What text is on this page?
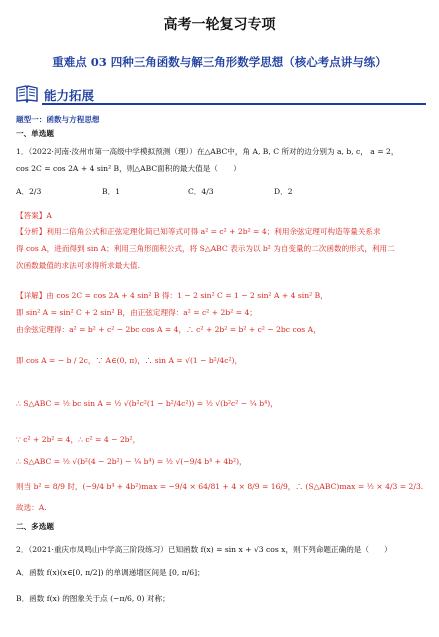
高考一轮复习专项
重难点 03 四种三角函数与解三角形数学思想（核心考点讲与练）
能力拓展
题型一：函数与方程思想
一、单选题
1．（2022·河南·汝州市第一高级中学模拟预测（理））在△ABC中，角 A, B, C 所对的边分别为 a, b, c， a = 2，
cos 2C = cos 2A + 4 sin² B，则△ABC面积的最大值是（　　）
A．2/3	B．1	C．4/3	D．2
【答案】A
【分析】利用二倍角公式和正弦定理化简已知等式可得 a² = c² + 2b² = 4；利用余弦定理可构造等量关系求
得 cos A，进而得到 sin A；利用三角形面积公式，将 S△ABC 表示为以 b² 为自变量的二次函数的形式，利用二
次函数最值的求法可求得所求最大值.
【详解】由 cos 2C = cos 2A + 4 sin² B 得：1 − 2 sin² C = 1 − 2 sin² A + 4 sin² B，
即 sin² A = sin² C + 2 sin² B，由正弦定理得：a² = c² + 2b² = 4；
由余弦定理得：a² = b² + c² − 2bc cos A = 4，∴ c² + 2b² = b² + c² − 2bc cos A，
即 cos A = − b / 2c，∵ A∈(0, π)，∴ sin A = √(1 − b²/4c²)，
∴ S△ABC = ½ bc sin A = ½ √(b²c²(1 − b²/4c²)) = ½ √(b²c² − ¼ b⁴)，
∵ c² + 2b² = 4，∴ c² = 4 − 2b²，
∴ S△ABC = ½ √(b²(4 − 2b²) − ¼ b⁴) = ½ √(−9/4 b⁴ + 4b²)，
则当 b² = 8/9 时，(−9/4 b⁴ + 4b²)max = −9/4 × 64/81 + 4 × 8/9 = 16/9，∴ (S△ABC)max = ½ × 4/3 = 2/3.
故选：A.
二、多选题
2．（2021·重庆市凤鸣山中学高三阶段练习）已知函数 f(x) = sin x + √3 cos x，则下列命题正确的是（　　）
A．函数 f(x)(x∈[0, π/2]) 的单调递增区间是 [0, π/6]；
B．函数 f(x) 的图象关于点 (−π/6, 0) 对称；
